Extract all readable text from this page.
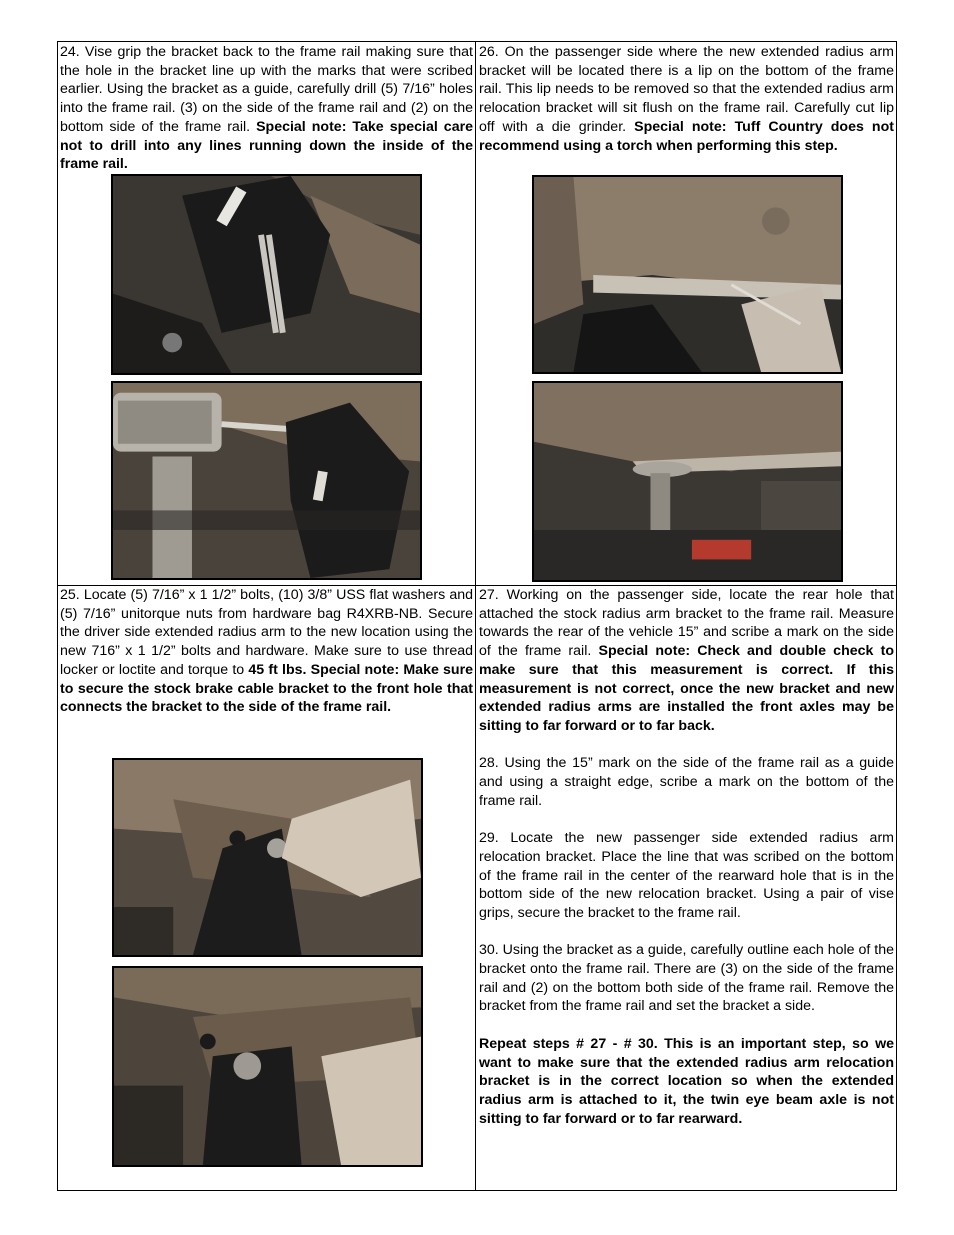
24. Vise grip the bracket back to the frame rail making sure that the hole in the bracket line up with the marks that were scribed earlier. Using the bracket as a guide, carefully drill (5) 7/16” holes into the frame rail. (3) on the side of the frame rail and (2) on the bottom side of the frame rail. Special note: Take special care not to drill into any lines running down the inside of the frame rail.

26. On the passenger side where the new extended radius arm bracket will be located there is a lip on the bottom of the frame rail. This lip needs to be removed so that the extended radius arm relocation bracket will sit flush on the frame rail. Carefully cut lip off with a die grinder. Special note: Tuff Country does not recommend using a torch when performing this step.

25. Locate (5) 7/16” x 1 1/2” bolts, (10) 3/8” USS flat washers and (5) 7/16” unitorque nuts from hardware bag R4XRB-NB. Secure the driver side extended radius arm to the new location using the new 716” x 1 1/2” bolts and hardware. Make sure to use thread locker or loctite and torque to 45 ft lbs. Special note: Make sure to secure the stock brake cable bracket to the front hole that connects the bracket to the side of the frame rail.

27. Working on the passenger side, locate the rear hole that attached the stock radius arm bracket to the frame rail. Measure towards the rear of the vehicle 15” and scribe a mark on the side of the frame rail. Special note: Check and double check to make sure that this measurement is correct. If this measurement is not correct, once the new bracket and new extended radius arms are installed the front axles may be sitting to far forward or to far back.

28. Using the 15” mark on the side of the frame rail as a guide and using a straight edge, scribe a mark on the bottom of the frame rail.

29. Locate the new passenger side extended radius arm relocation bracket. Place the line that was scribed on the bottom of the frame rail in the center of the rearward hole that is in the bottom side of the new relocation bracket. Using a pair of vise grips, secure the bracket to the frame rail.

30. Using the bracket as a guide, carefully outline each hole of the bracket onto the frame rail. There are (3) on the side of the frame rail and (2) on the bottom both side of the frame rail. Remove the bracket from the frame rail and set the bracket a side.

Repeat steps # 27 - # 30. This is an important step, so we want to make sure that the extended radius arm relocation bracket is in the correct location so when the extended radius arm is attached to it, the twin eye beam axle is not sitting to far forward or to far rearward.
